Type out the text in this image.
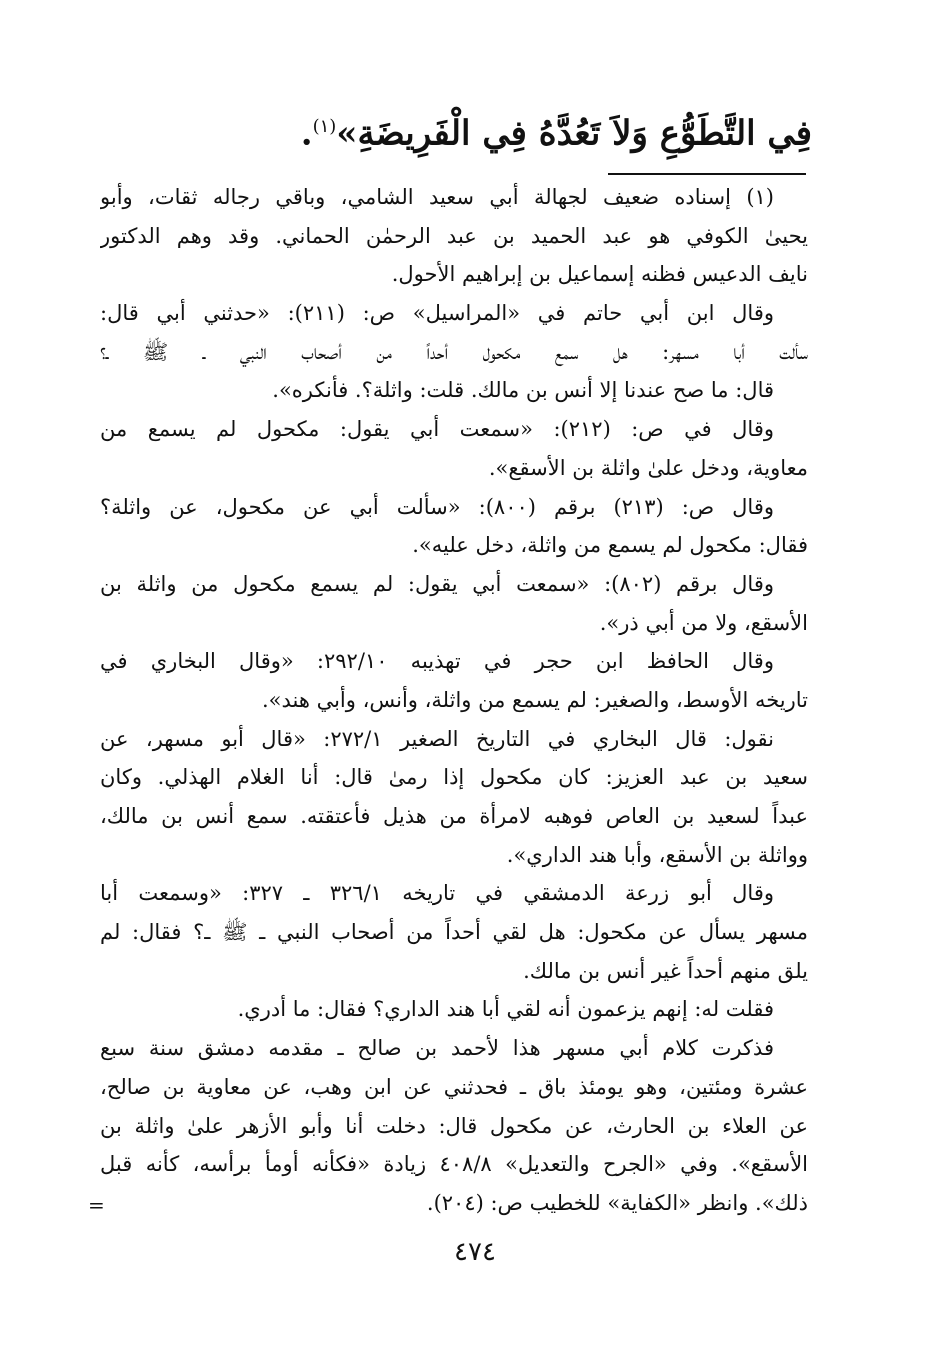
فِي التَّطَوُّعِ وَلاَ تَعُدَّهُ فِي الْفَرِيضَةِ»$^{(١)}$.
(١) إسناده ضعيف لجهالة أبي سعيد الشامي، وباقي رجاله ثقات، وأبو
يحيىٰ الكوفي هو عبد الحميد بن عبد الرحمٰن الحماني. وقد وهم الدكتور
نايف الدعيس فظنه إسماعيل بن إبراهيم الأحول.
وقال ابن أبي حاتم في «المراسيل» ص: (٢١١): «حدثني أبي قال:
سألت أبا مسهر: هل سمع مكحول أحداً من أصحاب النبي ـ ﷺ ـ؟
قال: ما صح عندنا إلا أنس بن مالك. قلت: واثلة؟. فأنكره».
وقال في ص: (٢١٢): «سمعت أبي يقول: مكحول لم يسمع من
معاوية، ودخل علىٰ واثلة بن الأسقع».
وقال ص: (٢١٣) برقم (٨٠٠): «سألت أبي عن مكحول، عن واثلة؟
فقال: مكحول لم يسمع من واثلة، دخل عليه».
وقال برقم (٨٠٢): «سمعت أبي يقول: لم يسمع مكحول من واثلة بن
الأسقع، ولا من أبي ذر».
وقال الحافظ ابن حجر في تهذيبه ٢٩٢/١٠: «وقال البخاري في
تاريخه الأوسط، والصغير: لم يسمع من واثلة، وأنس، وأبي هند».
نقول: قال البخاري في التاريخ الصغير ٢٧٢/١: «قال أبو مسهر، عن
سعيد بن عبد العزيز: كان مكحول إذا رمىٰ قال: أنا الغلام الهذلي. وكان
عبداً لسعيد بن العاص فوهبه لامرأة من هذيل فأعتقته. سمع أنس بن مالك،
وواثلة بن الأسقع، وأبا هند الداري».
وقال أبو زرعة الدمشقي في تاريخه ٣٢٦/١ ـ ٣٢٧: «وسمعت أبا
مسهر يسأل عن مكحول: هل لقي أحداً من أصحاب النبي ـ ﷺ ـ؟ فقال: لم
يلق منهم أحداً غير أنس بن مالك.
فقلت له: إنهم يزعمون أنه لقي أبا هند الداري؟ فقال: ما أدري.
فذكرت كلام أبي مسهر هذا لأحمد بن صالح ـ مقدمه دمشق سنة سبع
عشرة ومئتين، وهو يومئذ باق ـ فحدثني عن ابن وهب، عن معاوية بن صالح،
عن العلاء بن الحارث، عن مكحول قال: دخلت أنا وأبو الأزهر علىٰ واثلة بن
الأسقع». وفي «الجرح والتعديل» ٤٠٨/٨ زيادة «فكأنه أومأ برأسه، كأنه قبل
ذلك». وانظر «الكفاية» للخطيب ص: (٢٠٤).
=
٤٧٤
